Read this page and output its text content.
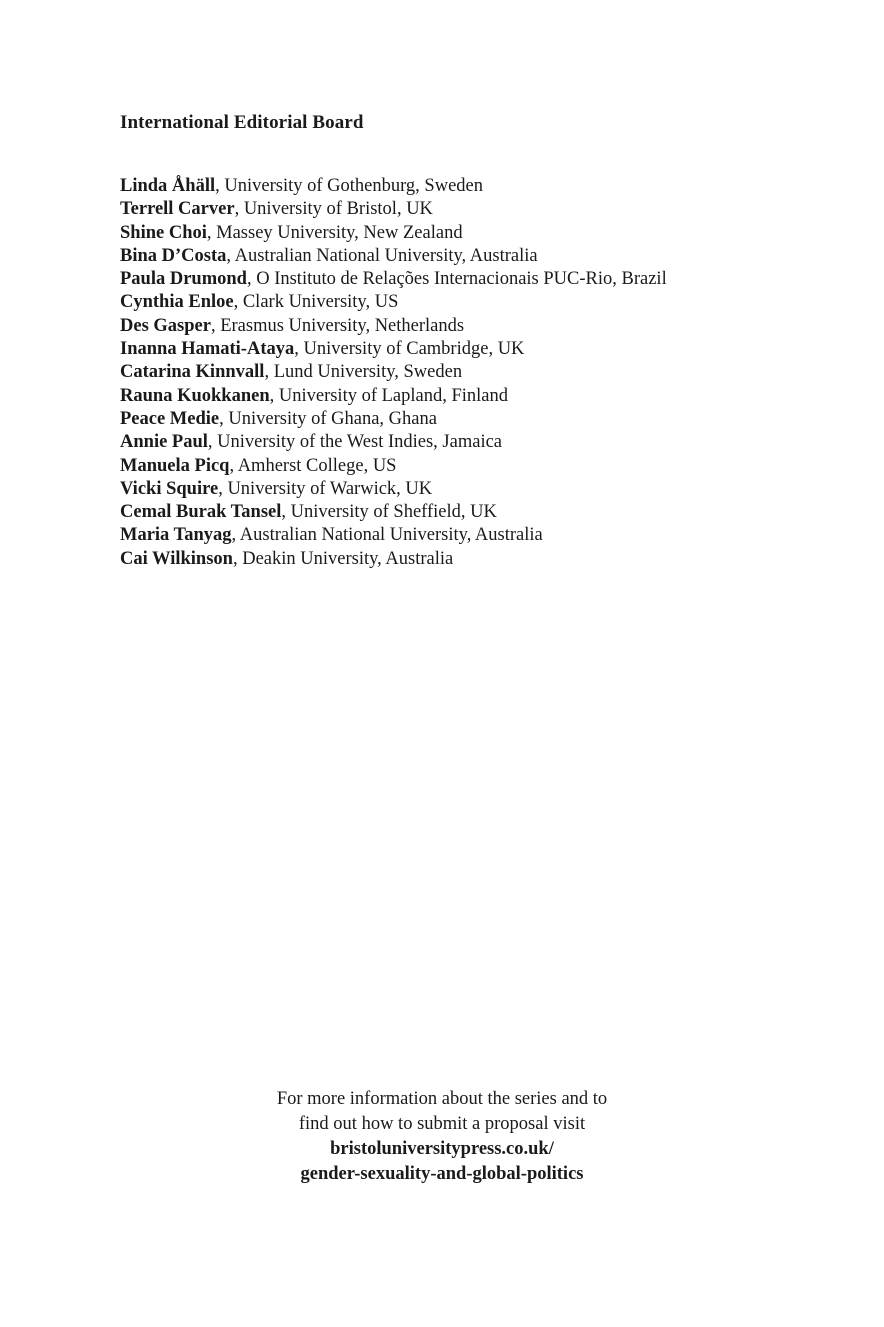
International Editorial Board
Linda Åhäll, University of Gothenburg, Sweden
Terrell Carver, University of Bristol, UK
Shine Choi, Massey University, New Zealand
Bina D’Costa, Australian National University, Australia
Paula Drumond, O Instituto de Relações Internacionais PUC-Rio, Brazil
Cynthia Enloe, Clark University, US
Des Gasper, Erasmus University, Netherlands
Inanna Hamati-Ataya, University of Cambridge, UK
Catarina Kinnvall, Lund University, Sweden
Rauna Kuokkanen, University of Lapland, Finland
Peace Medie, University of Ghana, Ghana
Annie Paul, University of the West Indies, Jamaica
Manuela Picq, Amherst College, US
Vicki Squire, University of Warwick, UK
Cemal Burak Tansel, University of Sheffield, UK
Maria Tanyag, Australian National University, Australia
Cai Wilkinson, Deakin University, Australia
For more information about the series and to
find out how to submit a proposal visit
bristoluniversitypress.co.uk/
gender-sexuality-and-global-politics
